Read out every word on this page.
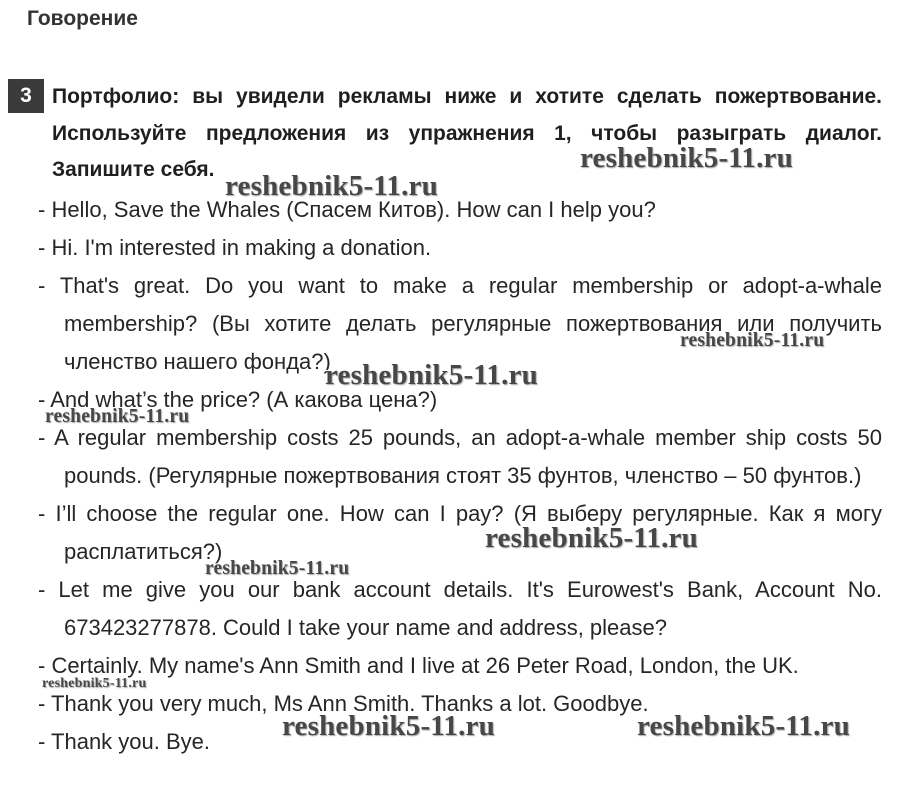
Говорение
3 Портфолио: вы увидели рекламы ниже и хотите сделать пожертвование.
Используйте предложения из упражнения 1, чтобы разыграть диалог.
Запишите себя.
- Hello, Save the Whales (Спасем Китов). How can I help you?
- Hi. I'm interested in making a donation.
- That's great. Do you want to make a regular membership or adopt-a-whale
membership? (Вы хотите делать регулярные пожертвования или получить
членство нашего фонда?)
- And what’s the price? (А какова цена?)
- A regular membership costs 25 pounds, an adopt-a-whale member ship costs 50
pounds. (Регулярные пожертвования стоят 35 фунтов, членство – 50 фунтов.)
- I’ll choose the regular one. How can I pay? (Я выберу регулярные. Как я могу
расплатиться?)
- Let me give you our bank account details. It's Eurowest's Bank, Account No.
673423277878. Could I take your name and address, please?
- Certainly. My name's Ann Smith and I live at 26 Peter Road, London, the UK.
- Thank you very much, Ms Ann Smith. Thanks a lot. Goodbye.
- Thank you. Bye.
reshebnik5-11.ru
reshebnik5-11.ru
reshebnik5-11.ru
reshebnik5-11.ru
reshebnik5-11.ru
reshebnik5-11.ru
reshebnik5-11.ru
reshebnik5-11.ru
reshebnik5-11.ru	reshebnik5-11.ru
